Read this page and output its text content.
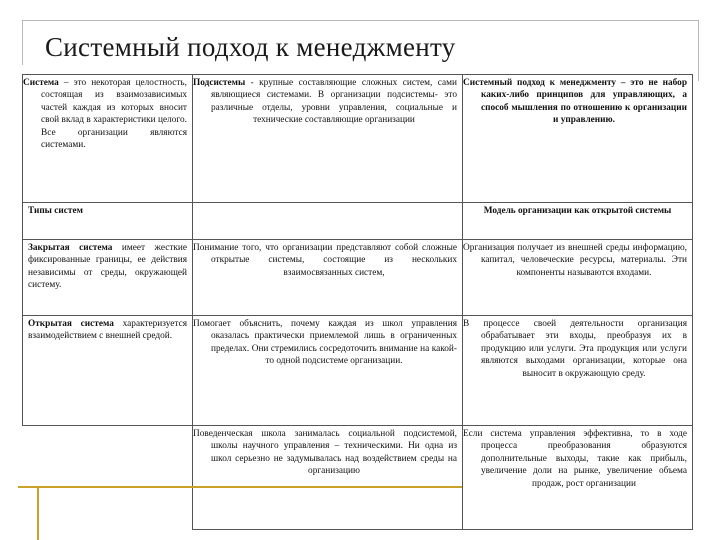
Системный подход к менеджменту
Система – это некоторая целостность, состоящая из взаимозависимых частей каждая из которых вносит свой вклад в характеристики целого. Все организации являются системами.	Подсистемы - крупные составляющие сложных систем, сами являющиеся системами. В организации подсистемы- это различные отделы, уровни управления, социальные и технические составляющие организации	Системный подход к менеджменту – это не набор каких-либо принципов для управляющих, а способ мышления по отношению к организации и управлению.
Типы систем		Модель организации как открытой системы
Закрытая система имеет жесткие фиксированные границы, ее действия независимы от среды, окружающей систему.	Понимание того, что организации представляют собой сложные открытые системы, состоящие из нескольких взаимосвязанных систем,	Организация получает из внешней среды информацию, капитал, человеческие ресурсы, материалы. Эти компоненты называются входами.
Открытая система характеризуется взаимодействием с внешней средой.	Помогает объяснить, почему каждая из школ управления оказалась практически приемлемой лишь в ограниченных пределах. Они стремились сосредоточить внимание на какой-то одной подсистеме организации.	В процессе своей деятельности организация обрабатывает эти входы, преобразуя их в продукцию или услуги. Эта продукция или услуги являются выходами организации, которые она выносит в окружающую среду.
	Поведенческая школа занималась социальной подсистемой, школы научного управления – техническими. Ни одна из школ серьезно не задумывалась над воздействием среды на организацию	Если система управления эффективна, то в ходе процесса преобразования образуются дополнительные выходы, такие как прибыль, увеличение доли на рынке, увеличение объема продаж, рост организации
